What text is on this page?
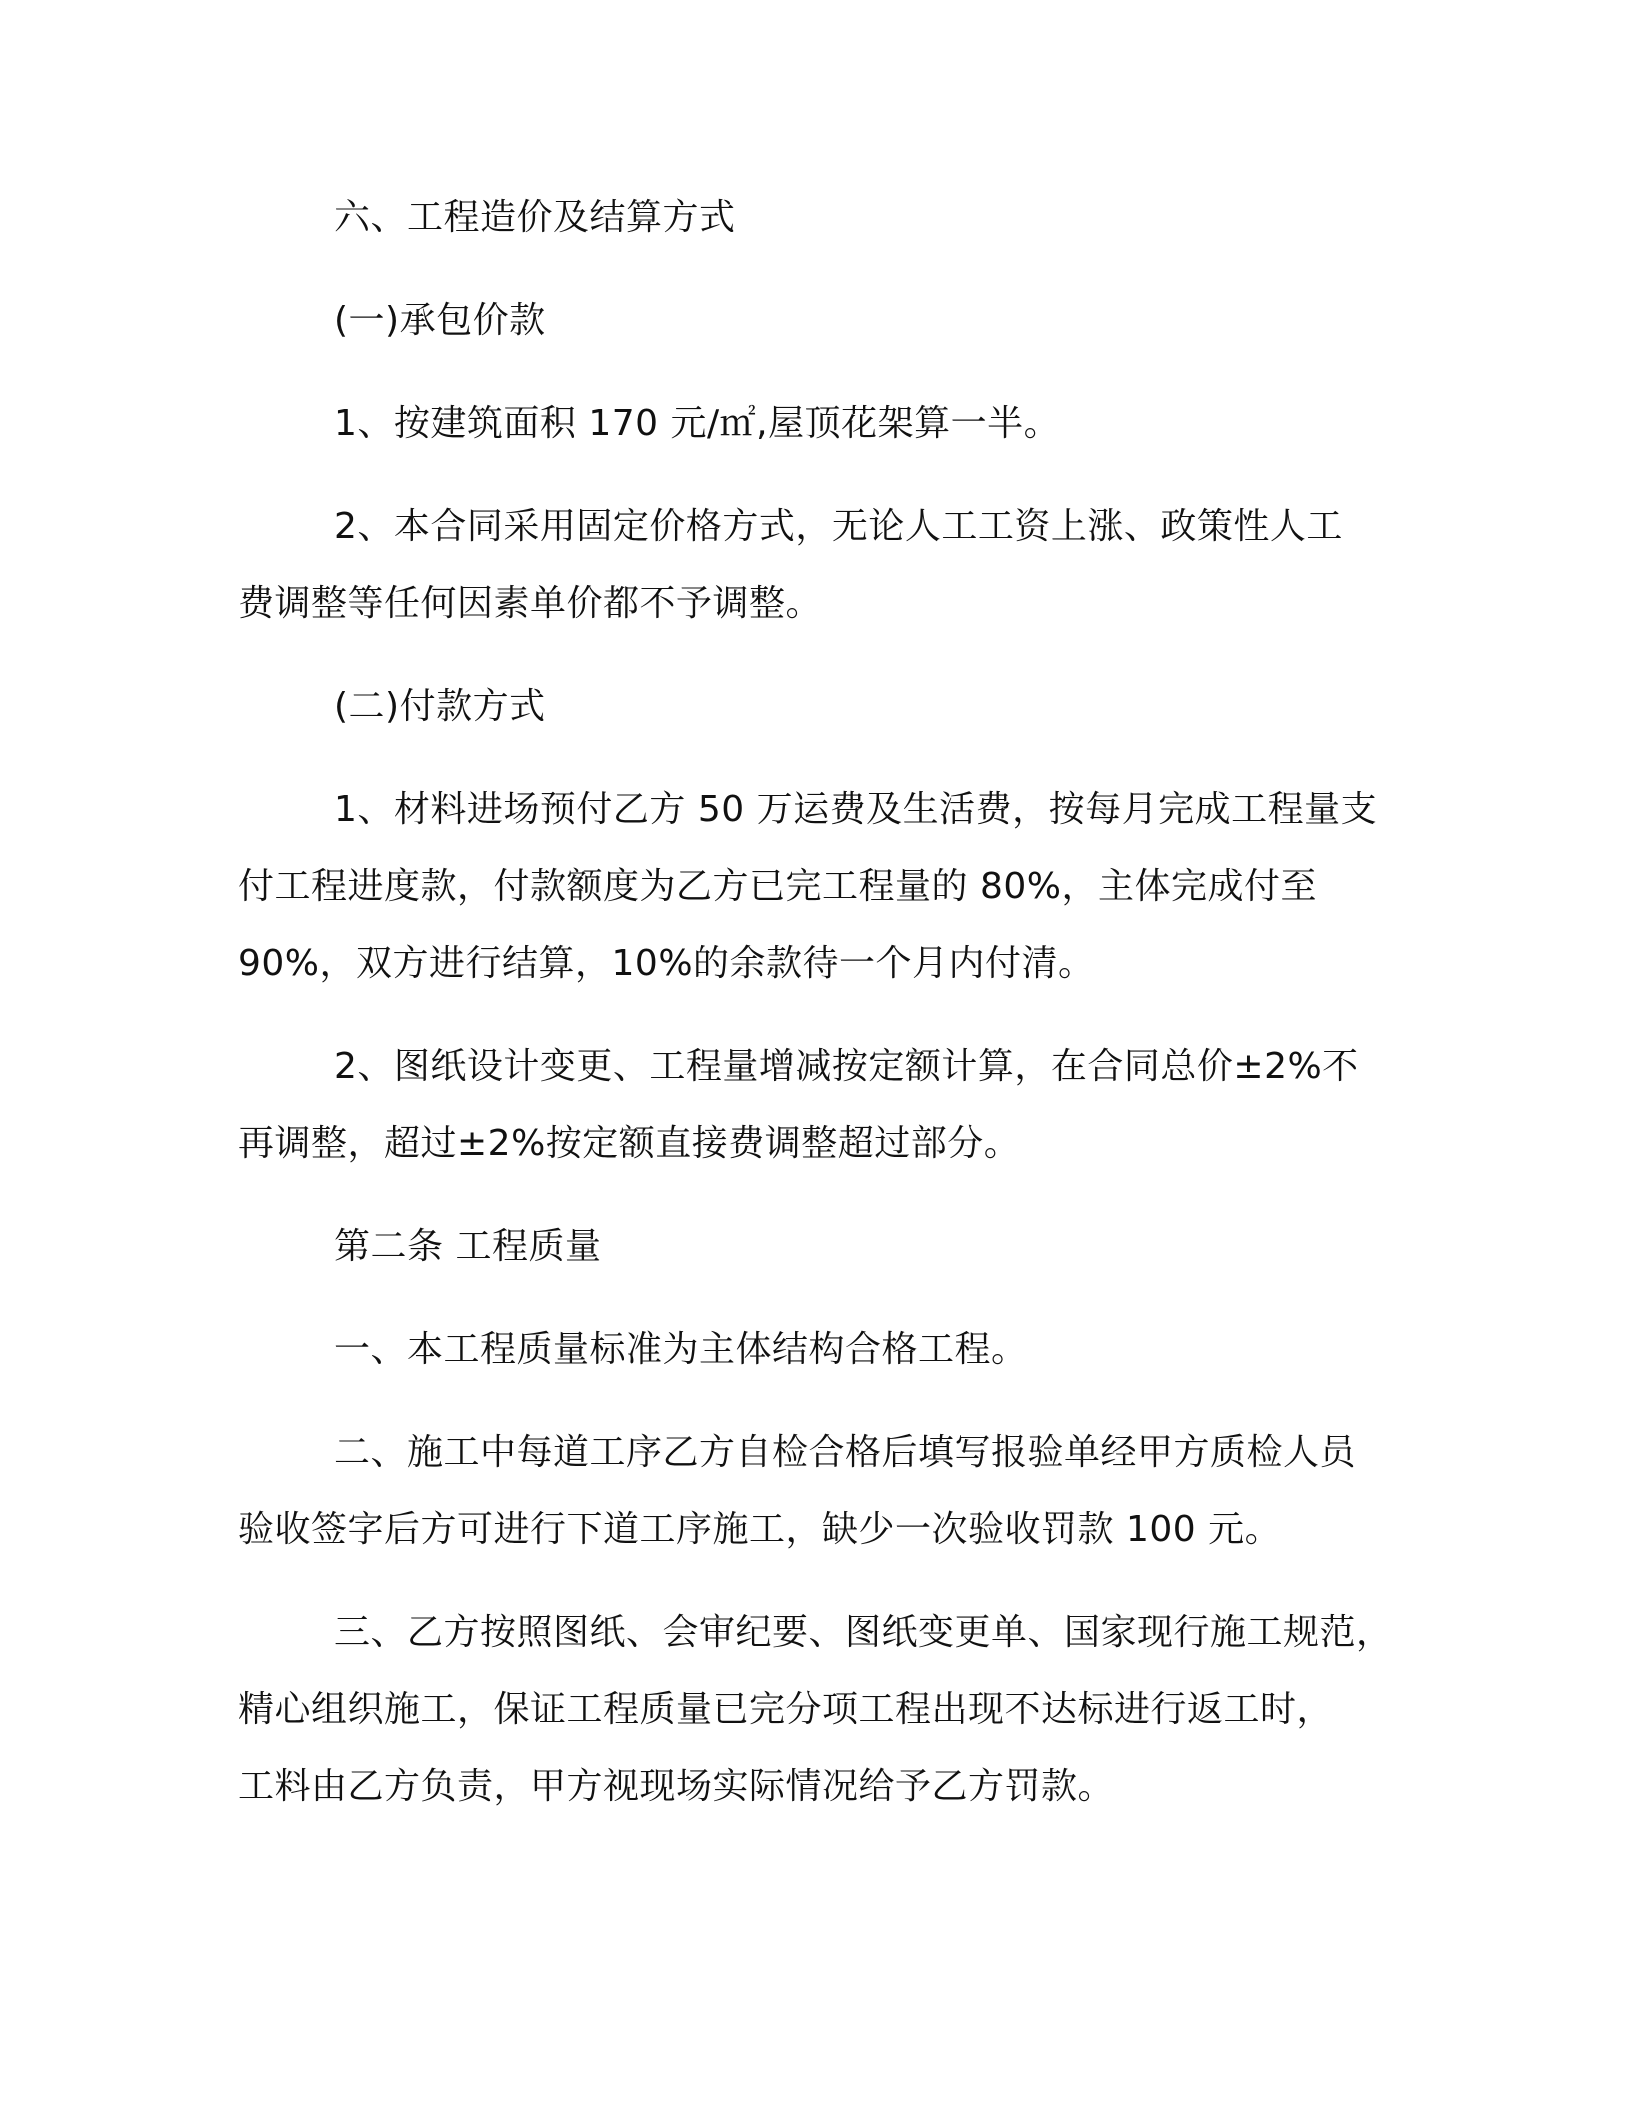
六、工程造价及结算方式
(一)承包价款
1、按建筑面积 170 元/㎡,屋顶花架算一半。
2、本合同采用固定价格方式，无论人工工资上涨、政策性人工
费调整等任何因素单价都不予调整。
(二)付款方式
1、材料进场预付乙方 50 万运费及生活费，按每月完成工程量支
付工程进度款，付款额度为乙方已完工程量的 80%，主体完成付至
90%，双方进行结算，10%的余款待一个月内付清。
2、图纸设计变更、工程量增减按定额计算，在合同总价±2%不
再调整，超过±2%按定额直接费调整超过部分。
第二条 工程质量
一、本工程质量标准为主体结构合格工程。
二、施工中每道工序乙方自检合格后填写报验单经甲方质检人员
验收签字后方可进行下道工序施工，缺少一次验收罚款 100 元。
三、乙方按照图纸、会审纪要、图纸变更单、国家现行施工规范，
精心组织施工，保证工程质量已完分项工程出现不达标进行返工时，
工料由乙方负责，甲方视现场实际情况给予乙方罚款。
